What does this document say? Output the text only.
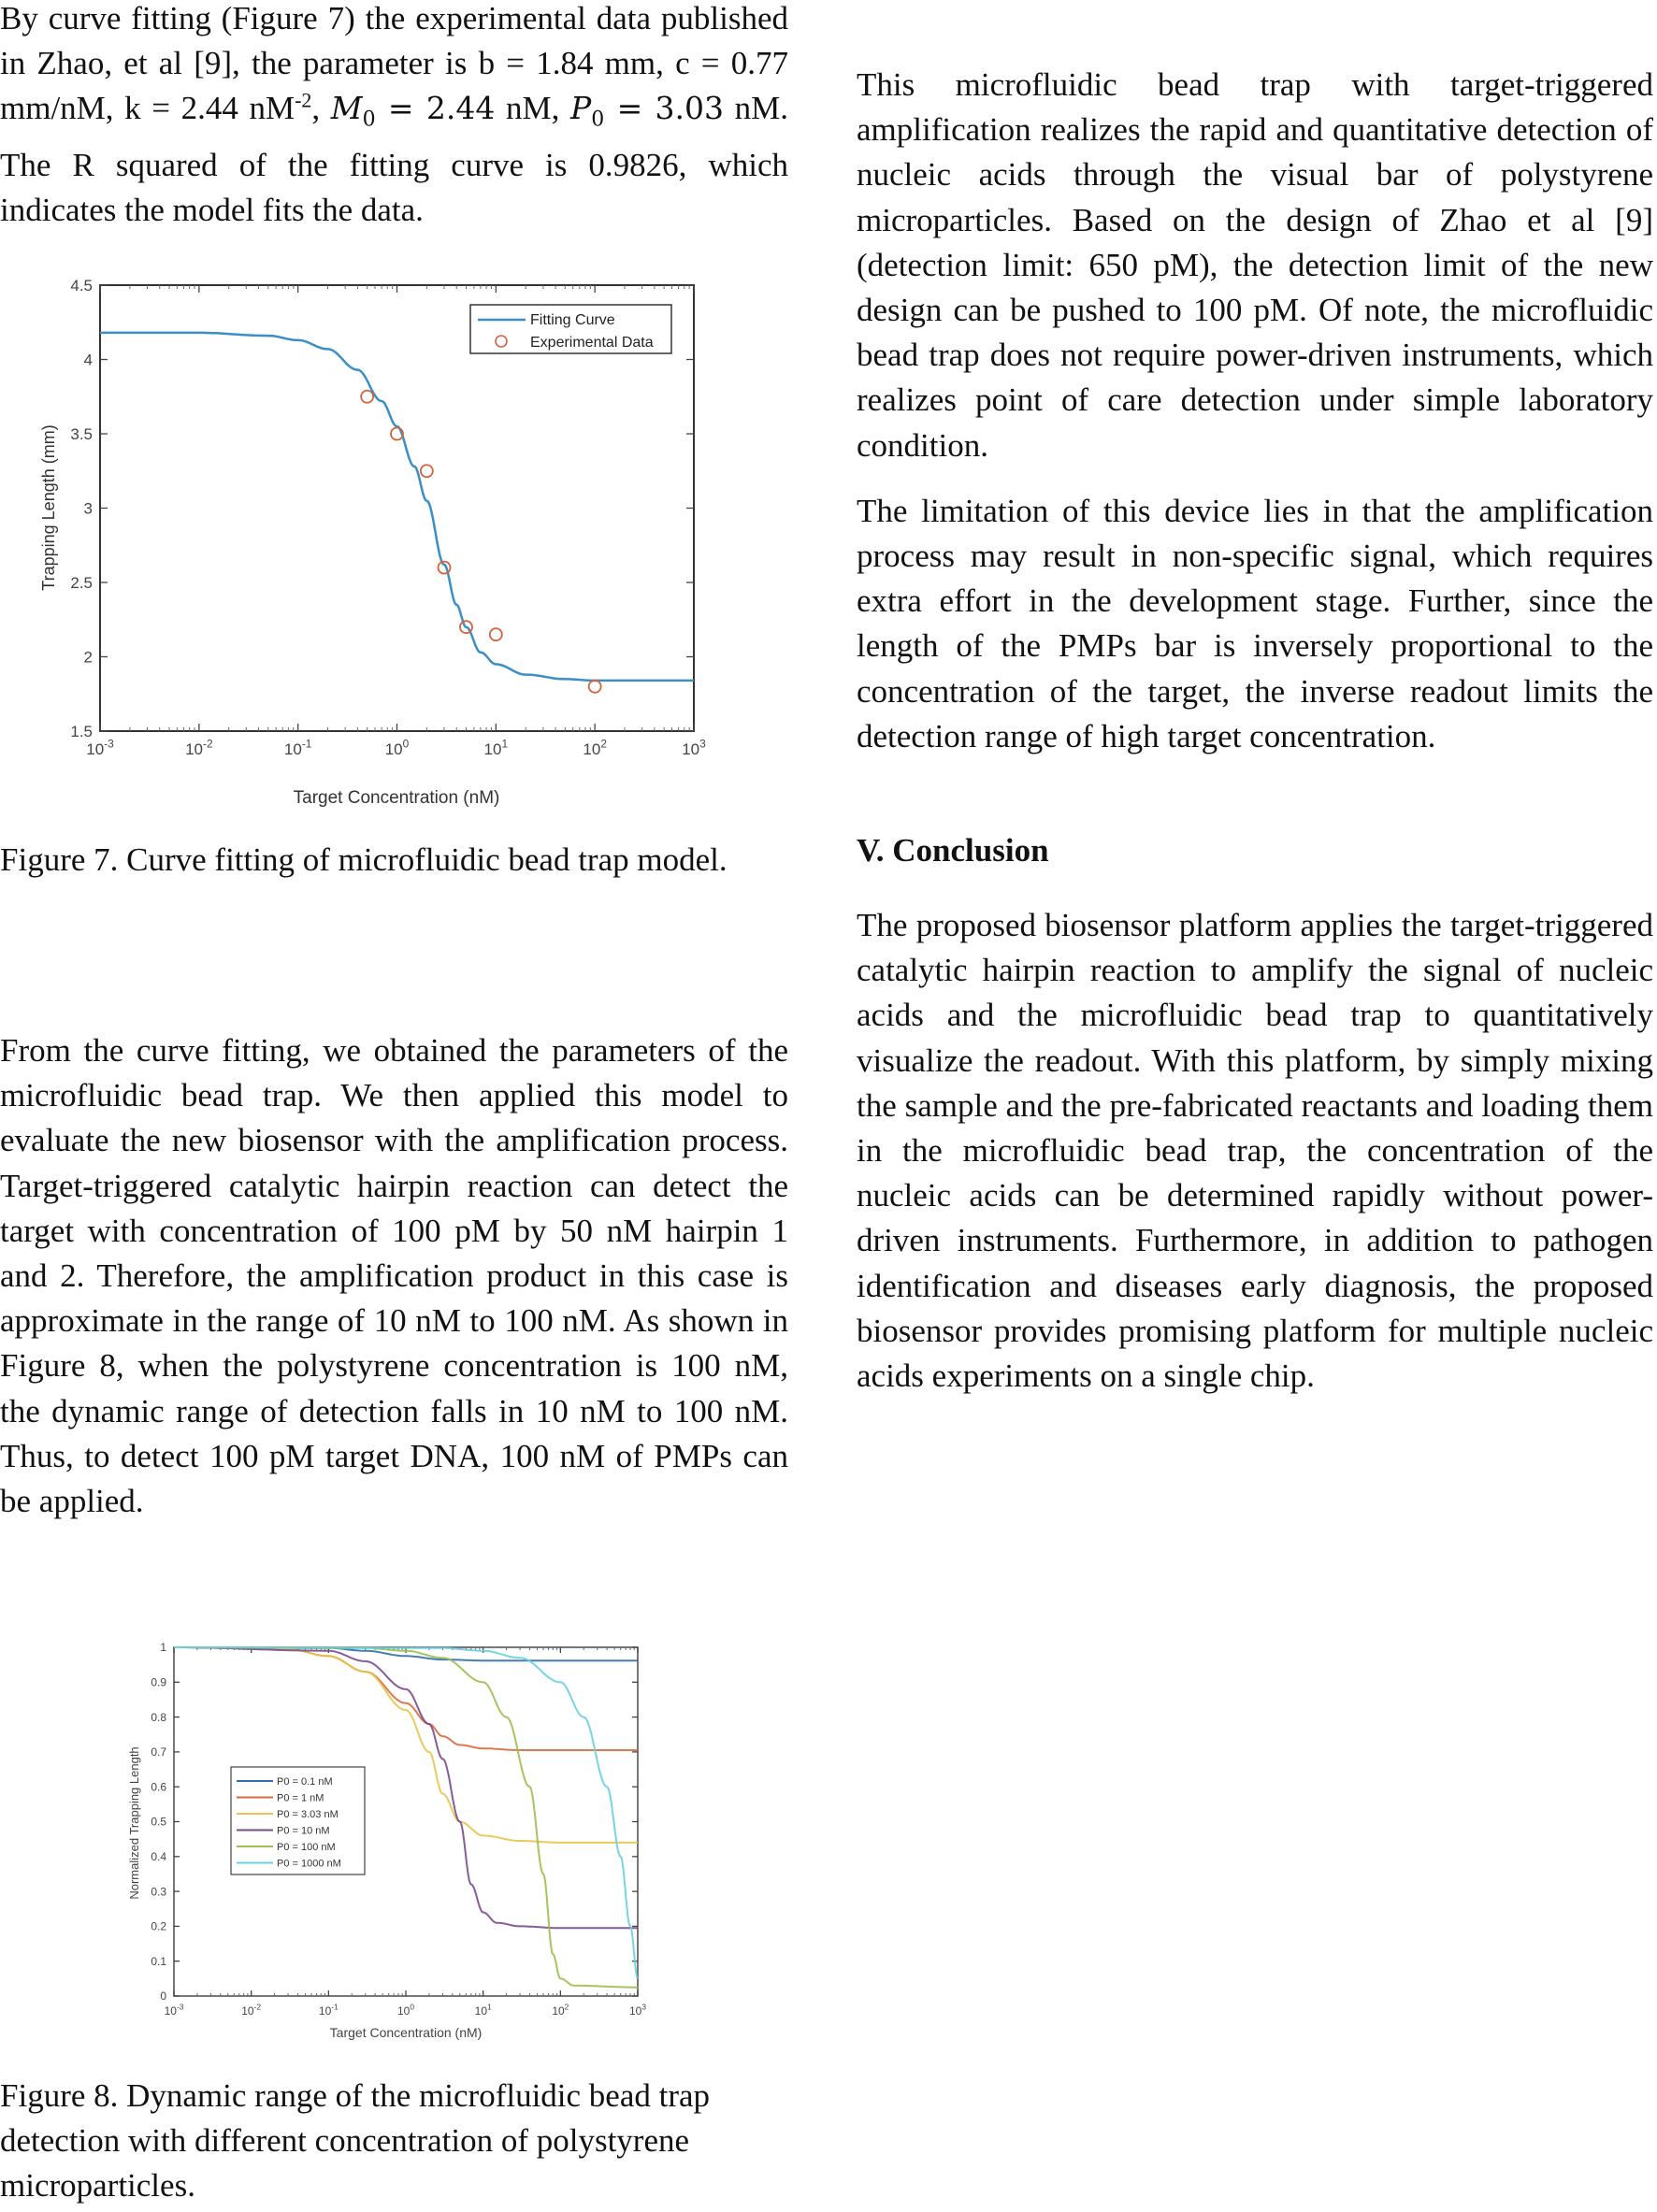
By curve fitting (Figure 7) the experimental data published in Zhao, et al [9], the parameter is b = 1.84 mm, c = 0.77 mm/nM, k = 2.44 $nM^{-2}$, $M_0 = 2.44$ nM, $P_0 = 3.03$ nM. The R squared of the fitting curve is 0.9826, which indicates the model fits the data.

$10^{-3}$	$10^{-2}$	$10^{-1}$	$10^0$	$10^1$	$10^2$	$10^3$
1.5
2
2.5
3
3.5
4
4.5
Fitting Curve
Experimental Data
Trapping Length (mm)
Target Concentration (nM)

Figure 7. Curve fitting of microfluidic bead trap model.

From the curve fitting, we obtained the parameters of the microfluidic bead trap. We then applied this model to evaluate the new biosensor with the amplification process. Target-triggered catalytic hairpin reaction can detect the target with concentration of 100 pM by 50 nM hairpin 1 and 2. Therefore, the amplification product in this case is approximate in the range of 10 nM to 100 nM. As shown in Figure 8, when the polystyrene concentration is 100 nM, the dynamic range of detection falls in 10 nM to 100 nM. Thus, to detect 100 pM target DNA, 100 nM of PMPs can be applied.

$10^{-3}$	$10^{-2}$	$10^{-1}$	$10^0$	$10^1$	$10^2$	$10^3$
0
0.1
0.2
0.3
0.4
0.5
0.6
0.7
0.8
0.9
1
P0 = 0.1 nM
P0 = 1 nM
P0 = 3.03 nM
P0 = 10 nM
P0 = 100 nM
P0 = 1000 nM
Normalized Trapping Length
Target Concentration (nM)

Figure 8. Dynamic range of the microfluidic bead trap detection with different concentration of polystyrene microparticles.

This microfluidic bead trap with target-triggered amplification realizes the rapid and quantitative detection of nucleic acids through the visual bar of polystyrene microparticles. Based on the design of Zhao et al [9] (detection limit: 650 pM), the detection limit of the new design can be pushed to 100 pM. Of note, the microfluidic bead trap does not require power-driven instruments, which realizes point of care detection under simple laboratory condition.

The limitation of this device lies in that the amplification process may result in non-specific signal, which requires extra effort in the development stage. Further, since the length of the PMPs bar is inversely proportional to the concentration of the target, the inverse readout limits the detection range of high target concentration.

V. Conclusion

The proposed biosensor platform applies the target-triggered catalytic hairpin reaction to amplify the signal of nucleic acids and the microfluidic bead trap to quantitatively visualize the readout. With this platform, by simply mixing the sample and the pre-fabricated reactants and loading them in the microfluidic bead trap, the concentration of the nucleic acids can be determined rapidly without power-driven instruments. Furthermore, in addition to pathogen identification and diseases early diagnosis, the proposed biosensor provides promising platform for multiple nucleic acids experiments on a single chip.
